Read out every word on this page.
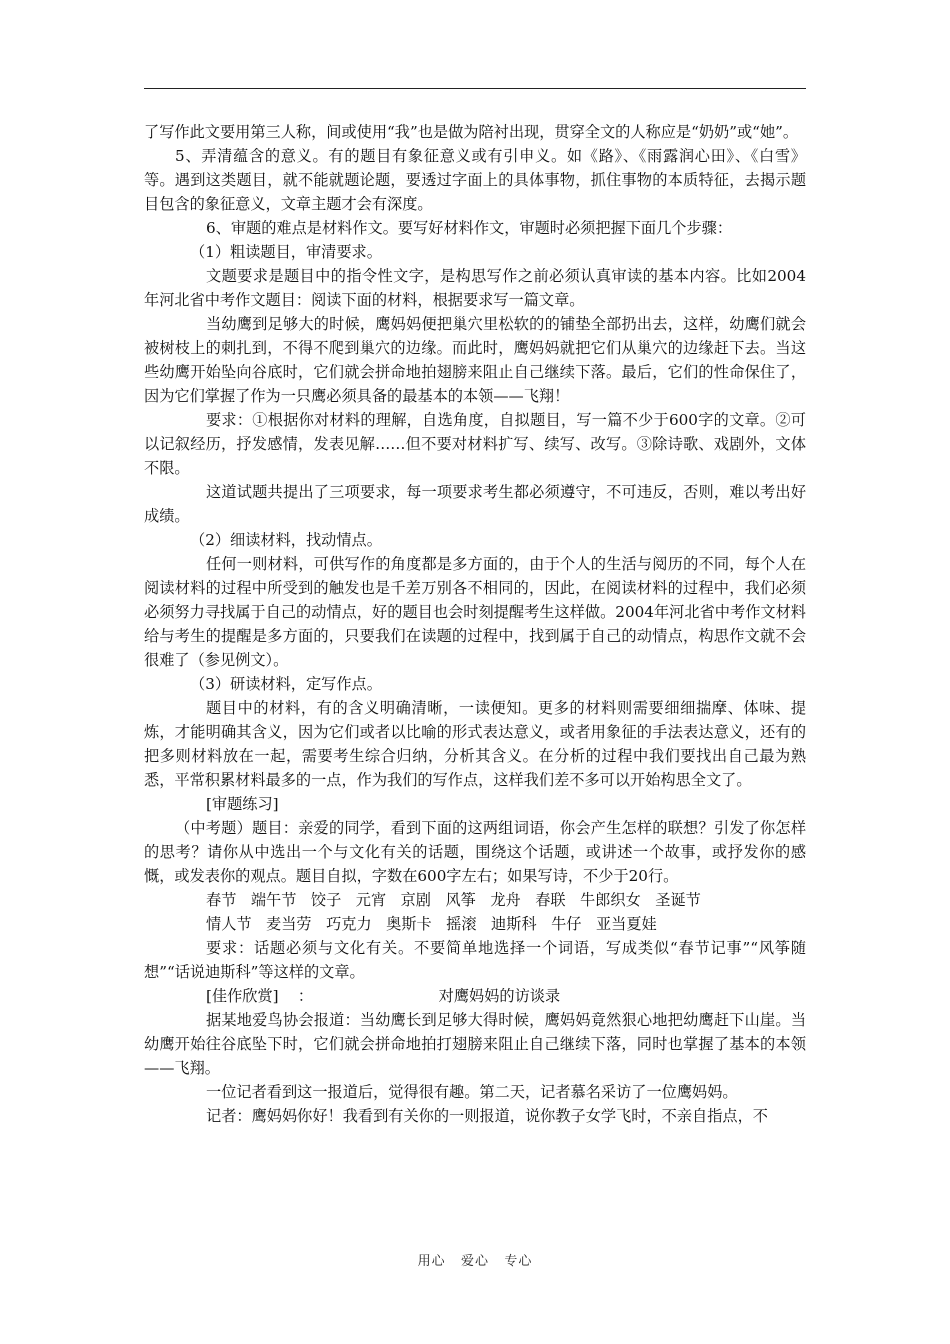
了写作此文要用第三人称，间或使用“我”也是做为陪衬出现，贯穿全文的人称应是“奶奶”或“她”。

5、弄清蕴含的意义。有的题目有象征意义或有引申义。如《路》、《雨露润心田》、《白雪》等。遇到这类题目，就不能就题论题，要透过字面上的具体事物，抓住事物的本质特征，去揭示题目包含的象征意义，文章主题才会有深度。

6、审题的难点是材料作文。要写好材料作文，审题时必须把握下面几个步骤：

（1）粗读题目，审清要求。

文题要求是题目中的指令性文字，是构思写作之前必须认真审读的基本内容。比如2004年河北省中考作文题目：阅读下面的材料，根据要求写一篇文章。

当幼鹰到足够大的时候，鹰妈妈便把巢穴里松软的的铺垫全部扔出去，这样，幼鹰们就会被树枝上的刺扎到，不得不爬到巢穴的边缘。而此时，鹰妈妈就把它们从巢穴的边缘赶下去。当这些幼鹰开始坠向谷底时，它们就会拼命地拍翅膀来阻止自己继续下落。最后，它们的性命保住了，因为它们掌握了作为一只鹰必须具备的最基本的本领——飞翔！

要求：①根据你对材料的理解，自选角度，自拟题目，写一篇不少于600字的文章。②可以记叙经历，抒发感情，发表见解……但不要对材料扩写、续写、改写。③除诗歌、戏剧外，文体不限。

这道试题共提出了三项要求，每一项要求考生都必须遵守，不可违反，否则，难以考出好成绩。

（2）细读材料，找动情点。

任何一则材料，可供写作的角度都是多方面的，由于个人的生活与阅历的不同，每个人在阅读材料的过程中所受到的触发也是千差万别各不相同的，因此，在阅读材料的过程中，我们必须必须努力寻找属于自己的动情点，好的题目也会时刻提醒考生这样做。2004年河北省中考作文材料给与考生的提醒是多方面的，只要我们在读题的过程中，找到属于自己的动情点，构思作文就不会很难了（参见例文）。

（3）研读材料，定写作点。

题目中的材料，有的含义明确清晰，一读便知。更多的材料则需要细细揣摩、体味、提炼，才能明确其含义，因为它们或者以比喻的形式表达意义，或者用象征的手法表达意义，还有的把多则材料放在一起，需要考生综合归纳，分析其含义。在分析的过程中我们要找出自己最为熟悉，平常积累材料最多的一点，作为我们的写作点，这样我们差不多可以开始构思全文了。

[审题练习]

（中考题）题目：亲爱的同学，看到下面的这两组词语，你会产生怎样的联想？引发了你怎样的思考？请你从中选出一个与文化有关的话题，围绕这个话题，或讲述一个故事，或抒发你的感慨，或发表你的观点。题目自拟，字数在600字左右；如果写诗，不少于20行。

春节   端午节   饺子   元宵   京剧   风筝   龙舟   春联   牛郎织女   圣诞节

情人节   麦当劳   巧克力   奥斯卡   摇滚   迪斯科   牛仔   亚当夏娃

要求：话题必须与文化有关。不要简单地选择一个词语，写成类似“春节记事”“风筝随想”“话说迪斯科”等这样的文章。

[佳作欣赏] ：	对鹰妈妈的访谈录

据某地爱鸟协会报道：当幼鹰长到足够大得时候，鹰妈妈竟然狠心地把幼鹰赶下山崖。当幼鹰开始往谷底坠下时，它们就会拼命地拍打翅膀来阻止自己继续下落，同时也掌握了基本的本领——飞翔。

一位记者看到这一报道后，觉得很有趣。第二天，记者慕名采访了一位鹰妈妈。

记者：鹰妈妈你好！我看到有关你的一则报道，说你教子女学飞时，不亲自指点，不

用心   爱心   专心
